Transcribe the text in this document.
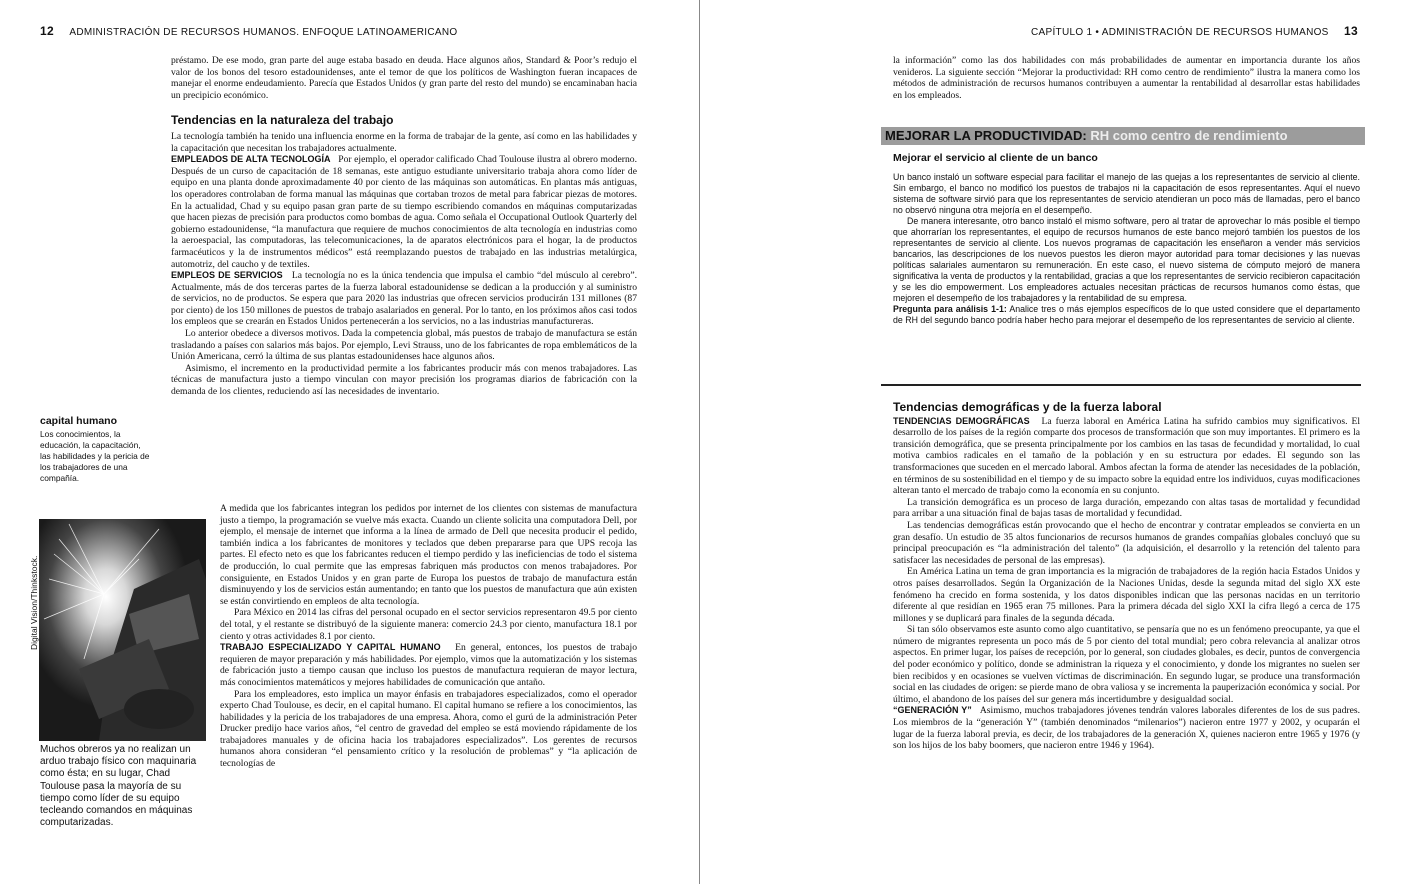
12 ADMINISTRACIÓN DE RECURSOS HUMANOS. ENFOQUE LATINOAMERICANO

préstamo. De ese modo, gran parte del auge estaba basado en deuda. Hace algunos años, Standard & Poor’s redujo el valor de los bonos del tesoro estadounidenses, ante el temor de que los políticos de Washington fueran incapaces de manejar el enorme endeudamiento. Parecía que Estados Unidos (y gran parte del resto del mundo) se encaminaban hacia un precipicio económico.

Tendencias en la naturaleza del trabajo

La tecnología también ha tenido una influencia enorme en la forma de trabajar de la gente, así como en las habilidades y la capacitación que necesitan los trabajadores actualmente.

EMPLEADOS DE ALTA TECNOLOGÍA Por ejemplo, el operador calificado Chad Toulouse ilustra al obrero moderno. Después de un curso de capacitación de 18 semanas, este antiguo estudiante universitario trabaja ahora como líder de equipo en una planta donde aproximadamente 40 por ciento de las máquinas son automáticas. En plantas más antiguas, los operadores controlaban de forma manual las máquinas que cortaban trozos de metal para fabricar piezas de motores. En la actualidad, Chad y su equipo pasan gran parte de su tiempo escribiendo comandos en máquinas computarizadas que hacen piezas de precisión para productos como bombas de agua. Como señala el Occupational Outlook Quarterly del gobierno estadounidense, “la manufactura que requiere de muchos conocimientos de alta tecnología en industrias como la aeroespacial, las computadoras, las telecomunicaciones, la de aparatos electrónicos para el hogar, la de productos farmacéuticos y la de instrumentos médicos” está reemplazando puestos de trabajado en las industrias metalúrgica, automotriz, del caucho y de textiles.

EMPLEOS DE SERVICIOS La tecnología no es la única tendencia que impulsa el cambio “del músculo al cerebro”. Actualmente, más de dos terceras partes de la fuerza laboral estadounidense se dedican a la producción y al suministro de servicios, no de productos. Se espera que para 2020 las industrias que ofrecen servicios producirán 131 millones (87 por ciento) de los 150 millones de puestos de trabajo asalariados en general. Por lo tanto, en los próximos años casi todos los empleos que se crearán en Estados Unidos pertenecerán a los servicios, no a las industrias manufactureras.

Lo anterior obedece a diversos motivos. Dada la competencia global, más puestos de trabajo de manufactura se están trasladando a países con salarios más bajos. Por ejemplo, Levi Strauss, uno de los fabricantes de ropa emblemáticos de la Unión Americana, cerró la última de sus plantas estadounidenses hace algunos años.

Asimismo, el incremento en la productividad permite a los fabricantes producir más con menos trabajadores. Las técnicas de manufactura justo a tiempo vinculan con mayor precisión los programas diarios de fabricación con la demanda de los clientes, reduciendo así las necesidades de inventario.

A medida que los fabricantes integran los pedidos por internet de los clientes con sistemas de manufactura justo a tiempo, la programación se vuelve más exacta. Cuando un cliente solicita una computadora Dell, por ejemplo, el mensaje de internet que informa a la línea de armado de Dell que necesita producir el pedido, también indica a los fabricantes de monitores y teclados que deben prepararse para que UPS recoja las partes. El efecto neto es que los fabricantes reducen el tiempo perdido y las ineficiencias de todo el sistema de producción, lo cual permite que las empresas fabriquen más productos con menos trabajadores. Por consiguiente, en Estados Unidos y en gran parte de Europa los puestos de trabajo de manufactura están disminuyendo y los de servicios están aumentando; en tanto que los puestos de manufactura que aún existen se están convirtiendo en empleos de alta tecnología.

Para México en 2014 las cifras del personal ocupado en el sector servicios representaron 49.5 por ciento del total, y el restante se distribuyó de la siguiente manera: comercio 24.3 por ciento, manufactura 18.1 por ciento y otras actividades 8.1 por ciento.

TRABAJO ESPECIALIZADO Y CAPITAL HUMANO En general, entonces, los puestos de trabajo requieren de mayor preparación y más habilidades. Por ejemplo, vimos que la automatización y los sistemas de fabricación justo a tiempo causan que incluso los puestos de manufactura requieran de mayor lectura, más conocimientos matemáticos y mejores habilidades de comunicación que antaño.

Para los empleadores, esto implica un mayor énfasis en trabajadores especializados, como el operador experto Chad Toulouse, es decir, en el capital humano. El capital humano se refiere a los conocimientos, las habilidades y la pericia de los trabajadores de una empresa. Ahora, como el gurú de la administración Peter Drucker predijo hace varios años, “el centro de gravedad del empleo se está moviendo rápidamente de los trabajadores manuales y de oficina hacia los trabajadores especializados”. Los gerentes de recursos humanos ahora consideran “el pensamiento crítico y la resolución de problemas” y “la aplicación de tecnologías de

capital humano
Los conocimientos, la educación, la capacitación, las habilidades y la pericia de los trabajadores de una compañía.
Digital Vision/Thinkstock.
Muchos obreros ya no realizan un arduo trabajo físico con maquinaria como ésta; en su lugar, Chad Toulouse pasa la mayoría de su tiempo como líder de su equipo tecleando comandos en máquinas computarizadas.
CAPÍTULO 1 • ADMINISTRACIÓN DE RECURSOS HUMANOS 13

la información” como las dos habilidades con más probabilidades de aumentar en importancia durante los años venideros. La siguiente sección “Mejorar la productividad: RH como centro de rendimiento” ilustra la manera como los métodos de administración de recursos humanos contribuyen a aumentar la rentabilidad al desarrollar estas habilidades en los empleados.

MEJORAR LA PRODUCTIVIDAD: RH como centro de rendimiento
Mejorar el servicio al cliente de un banco

Un banco instaló un software especial para facilitar el manejo de las quejas a los representantes de servicio al cliente. Sin embargo, el banco no modificó los puestos de trabajos ni la capacitación de esos representantes. Aquí el nuevo sistema de software sirvió para que los representantes de servicio atendieran un poco más de llamadas, pero el banco no observó ninguna otra mejoría en el desempeño.

De manera interesante, otro banco instaló el mismo software, pero al tratar de aprovechar lo más posible el tiempo que ahorrarían los representantes, el equipo de recursos humanos de este banco mejoró también los puestos de los representantes de servicio al cliente. Los nuevos programas de capacitación les enseñaron a vender más servicios bancarios, las descripciones de los nuevos puestos les dieron mayor autoridad para tomar decisiones y las nuevas políticas salariales aumentaron su remuneración. En este caso, el nuevo sistema de cómputo mejoró de manera significativa la venta de productos y la rentabilidad, gracias a que los representantes de servicio recibieron capacitación y se les dio empowerment. Los empleadores actuales necesitan prácticas de recursos humanos como éstas, que mejoren el desempeño de los trabajadores y la rentabilidad de su empresa.

Pregunta para análisis 1-1: Analice tres o más ejemplos específicos de lo que usted considere que el departamento de RH del segundo banco podría haber hecho para mejorar el desempeño de los representantes de servicio al cliente.

Tendencias demográficas y de la fuerza laboral

TENDENCIAS DEMOGRÁFICAS La fuerza laboral en América Latina ha sufrido cambios muy significativos. El desarrollo de los países de la región comparte dos procesos de transformación que son muy importantes. El primero es la transición demográfica, que se presenta principalmente por los cambios en las tasas de fecundidad y mortalidad, lo cual motiva cambios radicales en el tamaño de la población y en su estructura por edades. El segundo son las transformaciones que suceden en el mercado laboral. Ambos afectan la forma de atender las necesidades de la población, en términos de su sostenibilidad en el tiempo y de su impacto sobre la equidad entre los individuos, cuyas modificaciones alteran tanto el mercado de trabajo como la economía en su conjunto.

La transición demográfica es un proceso de larga duración, empezando con altas tasas de mortalidad y fecundidad para arribar a una situación final de bajas tasas de mortalidad y fecundidad.

Las tendencias demográficas están provocando que el hecho de encontrar y contratar empleados se convierta en un gran desafío. Un estudio de 35 altos funcionarios de recursos humanos de grandes compañías globales concluyó que su principal preocupación es “la administración del talento” (la adquisición, el desarrollo y la retención del talento para satisfacer las necesidades de personal de las empresas).

En América Latina un tema de gran importancia es la migración de trabajadores de la región hacia Estados Unidos y otros países desarrollados. Según la Organización de la Naciones Unidas, desde la segunda mitad del siglo XX este fenómeno ha crecido en forma sostenida, y los datos disponibles indican que las personas nacidas en un territorio diferente al que residían en 1965 eran 75 millones. Para la primera década del siglo XXI la cifra llegó a cerca de 175 millones y se duplicará para finales de la segunda década.

Si tan sólo observamos este asunto como algo cuantitativo, se pensaría que no es un fenómeno preocupante, ya que el número de migrantes representa un poco más de 5 por ciento del total mundial; pero cobra relevancia al analizar otros aspectos. En primer lugar, los países de recepción, por lo general, son ciudades globales, es decir, puntos de convergencia del poder económico y político, donde se administran la riqueza y el conocimiento, y donde los migrantes no suelen ser bien recibidos y en ocasiones se vuelven víctimas de discriminación. En segundo lugar, se produce una transformación social en las ciudades de origen: se pierde mano de obra valiosa y se incrementa la pauperización económica y social. Por último, el abandono de los países del sur genera más incertidumbre y desigualdad social.

“GENERACIÓN Y” Asimismo, muchos trabajadores jóvenes tendrán valores laborales diferentes de los de sus padres. Los miembros de la “generación Y” (también denominados “milenarios”) nacieron entre 1977 y 2002, y ocuparán el lugar de la fuerza laboral previa, es decir, de los trabajadores de la generación X, quienes nacieron entre 1965 y 1976 (y son los hijos de los baby boomers, que nacieron entre 1946 y 1964).
